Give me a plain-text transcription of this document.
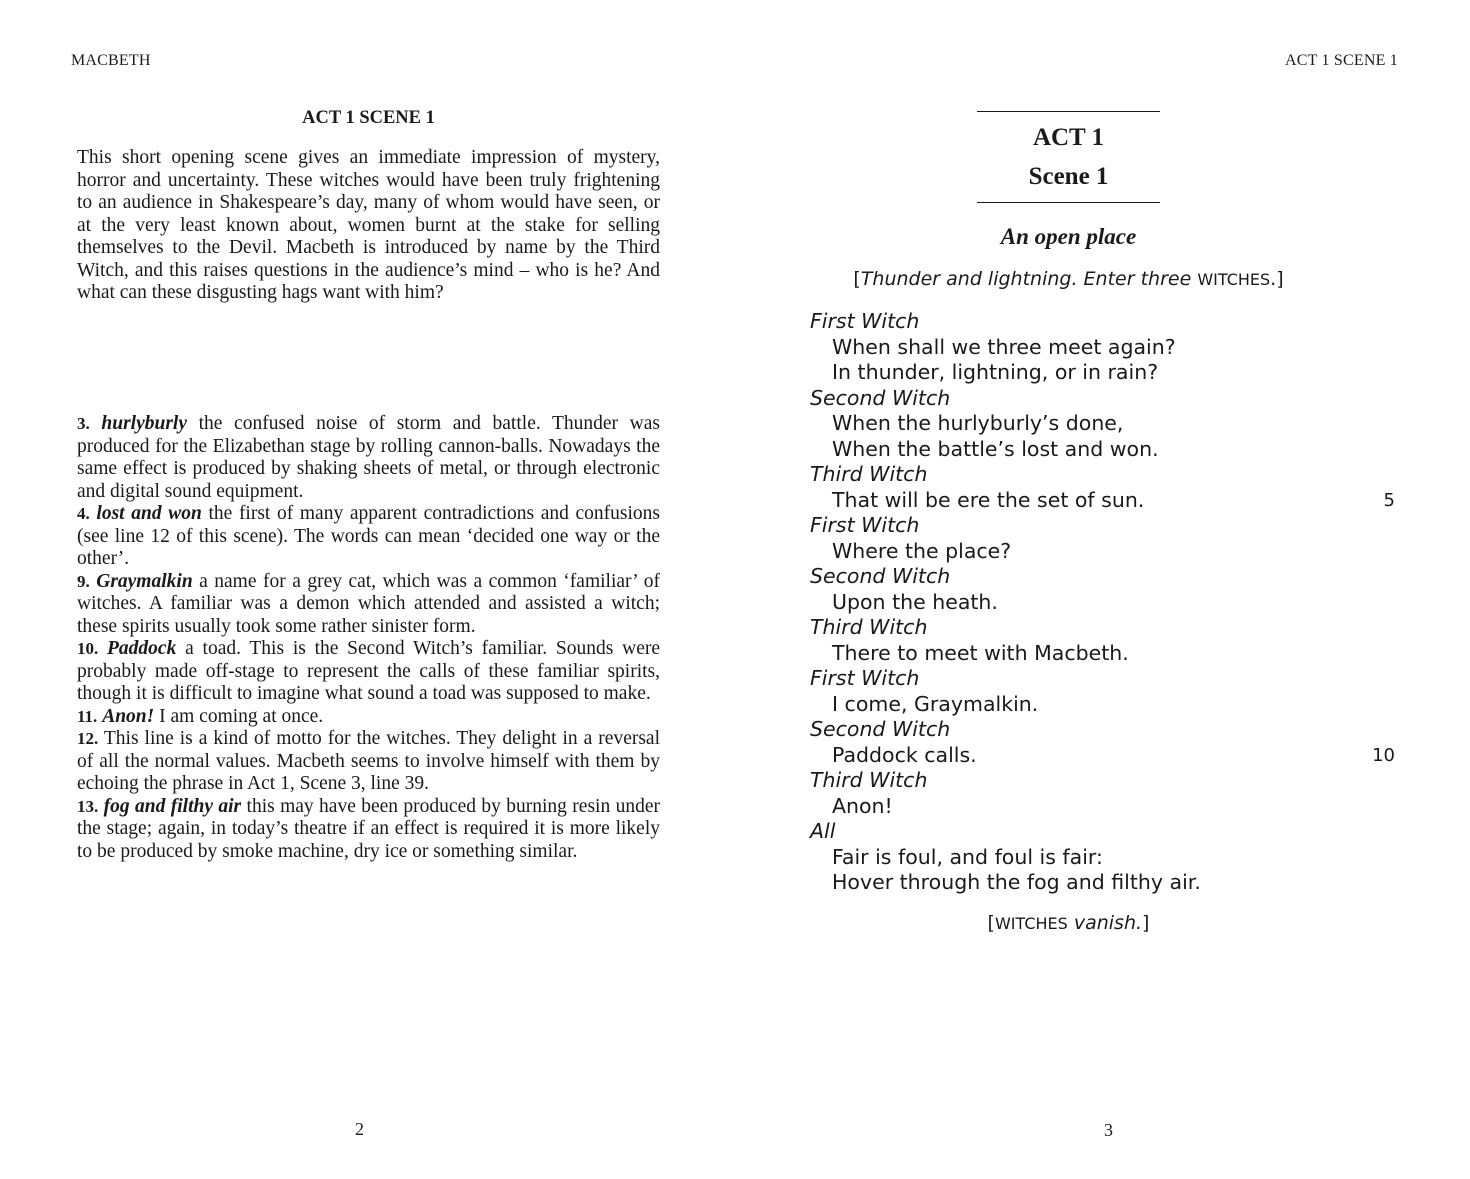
MACBETH
ACT 1 SCENE 1

This short opening scene gives an immediate impression of mystery, horror and uncertainty. These witches would have been truly frightening to an audience in Shakespeare’s day, many of whom would have seen, or at the very least known about, women burnt at the stake for selling themselves to the Devil. Macbeth is introduced by name by the Third Witch, and this raises questions in the audience’s mind – who is he? And what can these disgusting hags want with him?

3. hurlyburly the confused noise of storm and battle. Thunder was produced for the Elizabethan stage by rolling cannon-balls. Nowadays the same effect is produced by shaking sheets of metal, or through electronic and digital sound equipment.
4. lost and won the first of many apparent contradictions and confusions (see line 12 of this scene). The words can mean ‘decided one way or the other’.
9. Graymalkin a name for a grey cat, which was a common ‘familiar’ of witches. A familiar was a demon which attended and assisted a witch; these spirits usually took some rather sinister form.
10. Paddock a toad. This is the Second Witch’s familiar. Sounds were probably made off-stage to represent the calls of these familiar spirits, though it is difficult to imagine what sound a toad was supposed to make.
11. Anon! I am coming at once.
12. This line is a kind of motto for the witches. They delight in a reversal of all the normal values. Macbeth seems to involve himself with them by echoing the phrase in Act 1, Scene 3, line 39.
13. fog and filthy air this may have been produced by burning resin under the stage; again, in today’s theatre if an effect is required it is more likely to be produced by smoke machine, dry ice or something similar.
2
ACT 1 SCENE 1
ACT 1
Scene 1
An open place
[Thunder and lightning. Enter three WITCHES.]
First Witch
When shall we three meet again?
In thunder, lightning, or in rain?
Second Witch
When the hurlyburly’s done,
When the battle’s lost and won.
Third Witch
That will be ere the set of sun.	5
First Witch
Where the place?
Second Witch
Upon the heath.
Third Witch
There to meet with Macbeth.
First Witch
I come, Graymalkin.
Second Witch
Paddock calls.	10
Third Witch
Anon!
All
Fair is foul, and foul is fair:
Hover through the fog and filthy air.
[WITCHES vanish.]
3
